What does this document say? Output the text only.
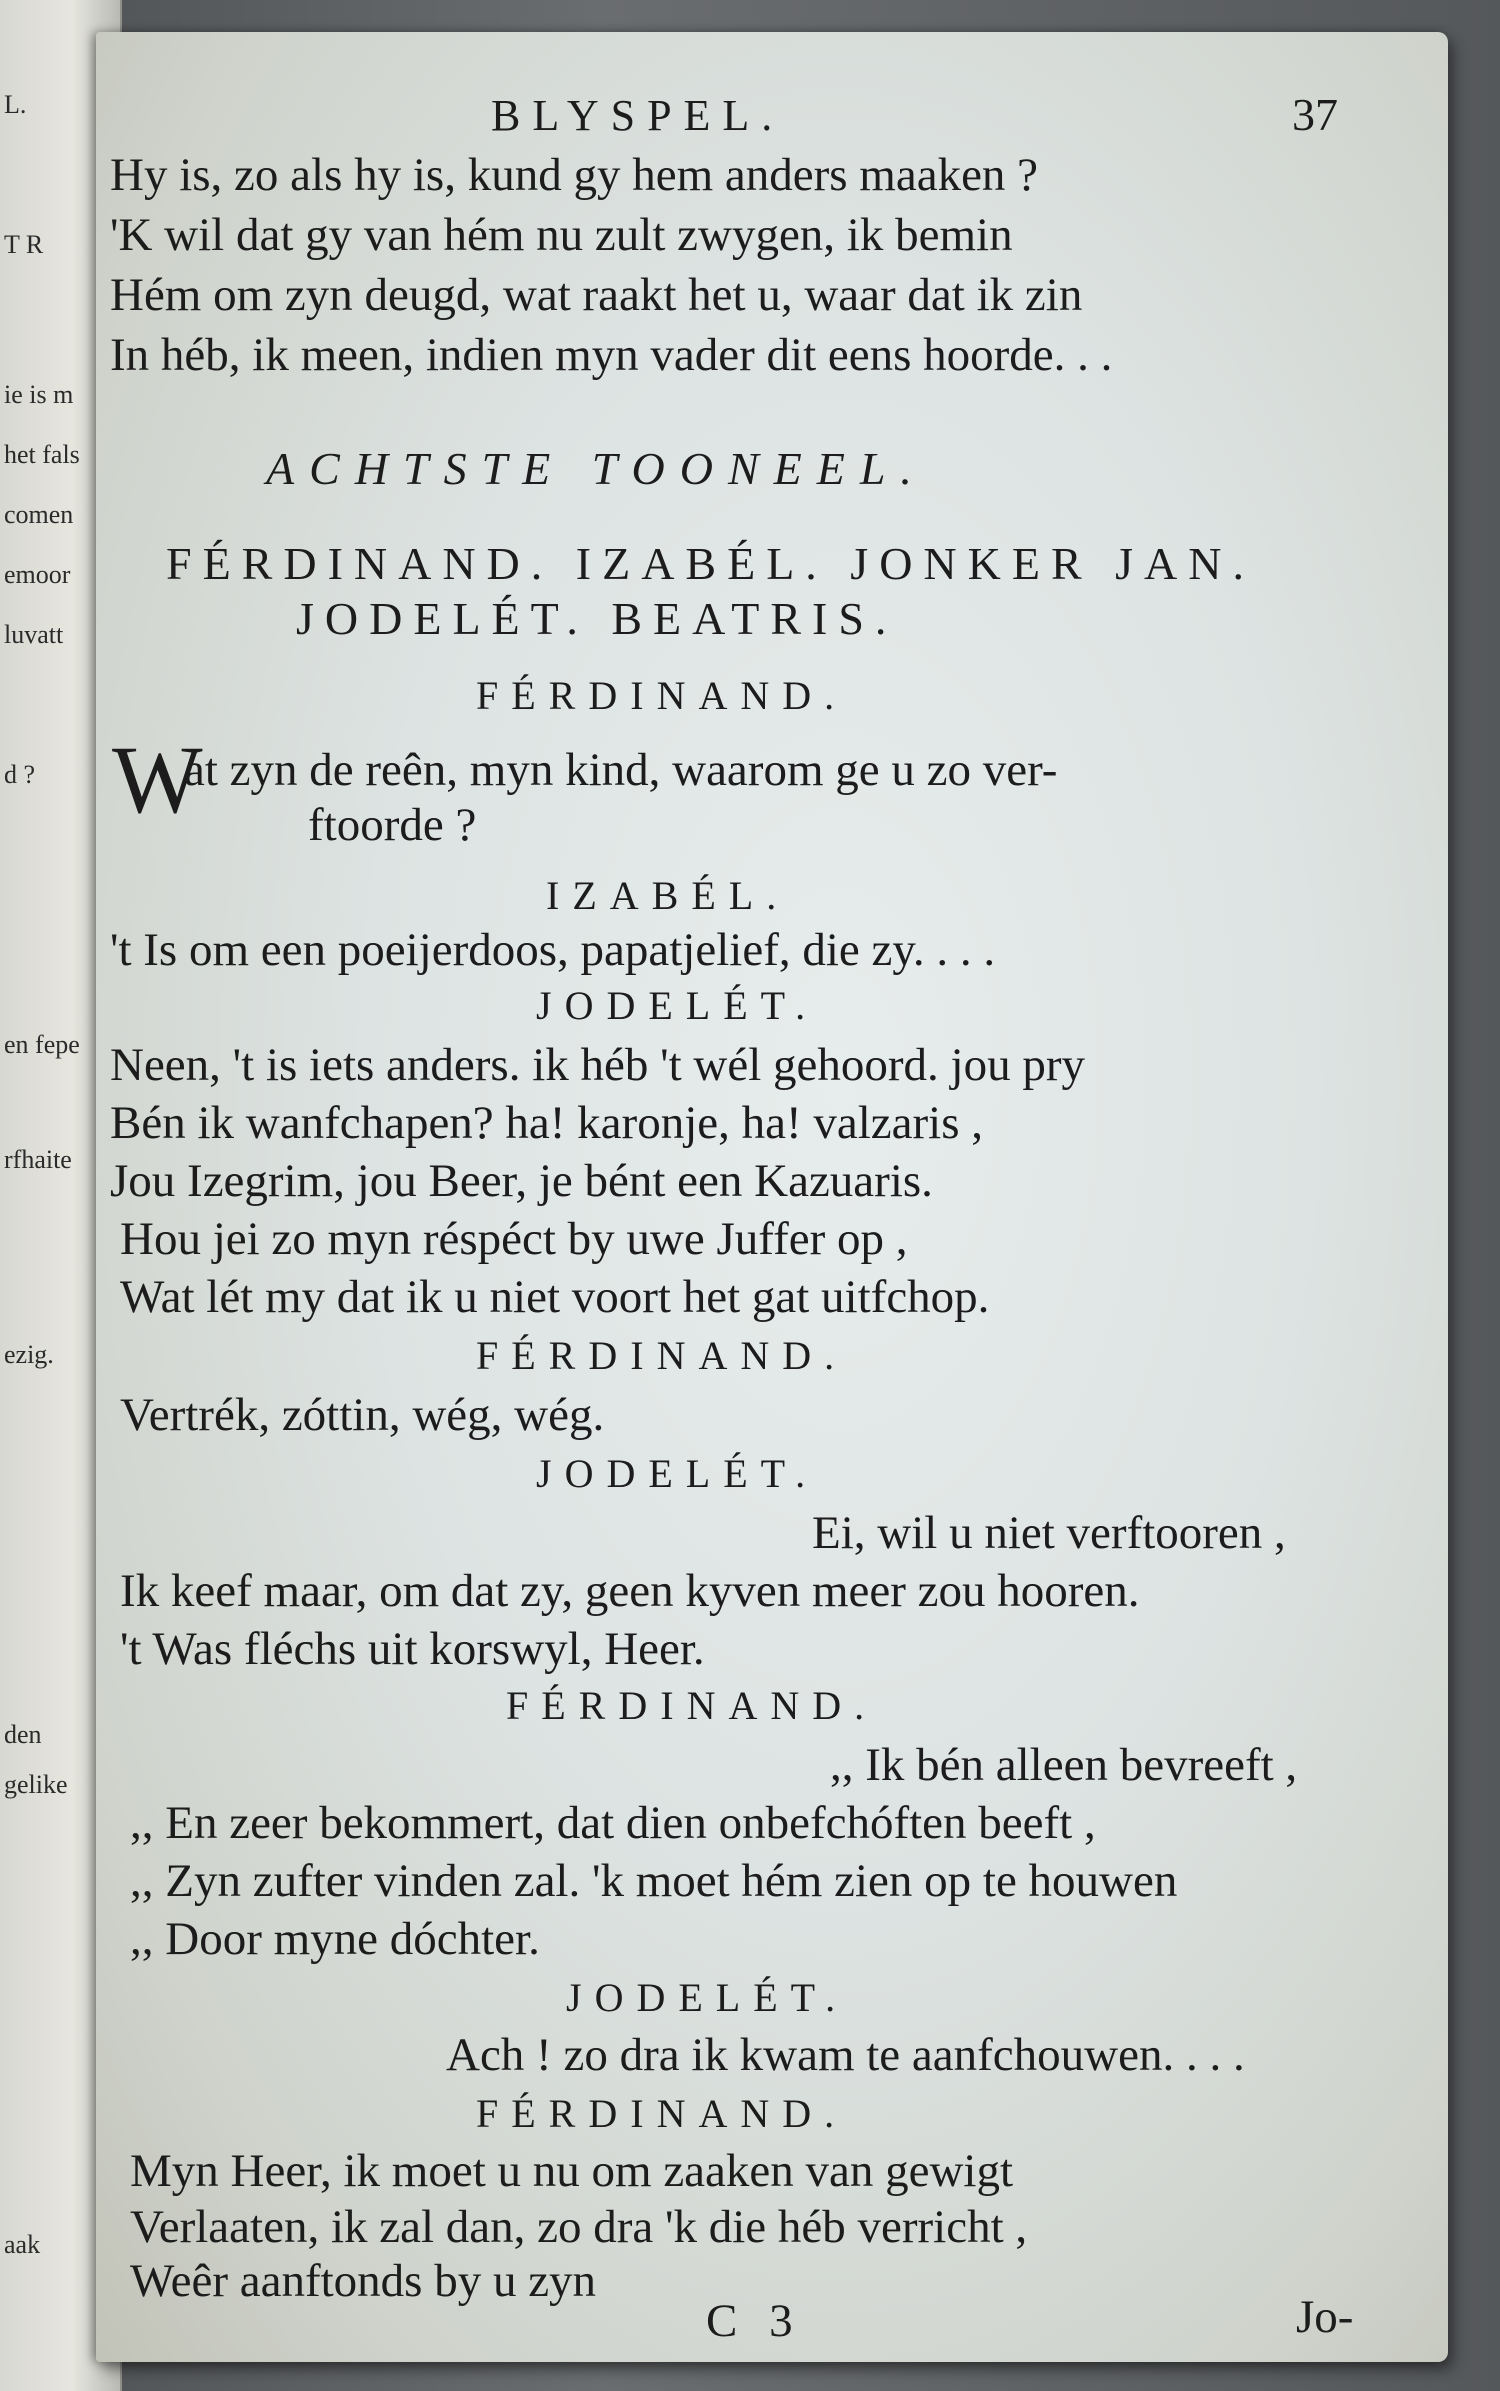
L.
T R
ie is m
het fals
comen
emoor
luvatt
d ?
en fepe
rfhaite
ezig.
den
gelike
aak
BLYSPEL.	37
Hy is, zo als hy is, kund gy hem anders maaken ?
'K wil dat gy van hém nu zult zwygen, ik bemin
Hém om zyn deugd, wat raakt het u, waar dat ik zin
In héb, ik meen, indien myn vader dit eens hoorde. . .
ACHTSTE TOONEEL.
FÉRDINAND. IZABÉL. JONKER JAN.
JODELÉT. BEATRIS.
FÉRDINAND.
W
at zyn de reên, myn kind, waarom ge u zo ver-
ftoorde ?
IZABÉL.
't Is om een poeijerdoos, papatjelief, die zy. . . .
JODELÉT.
Neen, 't is iets anders. ik héb 't wél gehoord. jou pry
Bén ik wanfchapen? ha! karonje, ha! valzaris ,
Jou Izegrim, jou Beer, je bént een Kazuaris.
Hou jei zo myn réspéct by uwe Juffer op ,
Wat lét my dat ik u niet voort het gat uitfchop.
FÉRDINAND.
Vertrék, zóttin, wég, wég.
JODELÉT.
Ei, wil u niet verftooren ,
Ik keef maar, om dat zy, geen kyven meer zou hooren.
't Was fléchs uit korswyl, Heer.
FÉRDINAND.
,, Ik bén alleen bevreeft ,
,, En zeer bekommert, dat dien onbefchóften beeft ,
,, Zyn zufter vinden zal. 'k moet hém zien op te houwen
,, Door myne dóchter.
JODELÉT.
Ach ! zo dra ik kwam te aanfchouwen. . . .
FÉRDINAND.
Myn Heer, ik moet u nu om zaaken van gewigt
Verlaaten, ik zal dan, zo dra 'k die héb verricht ,
Weêr aanftonds by u zyn
C 3	Jo-
